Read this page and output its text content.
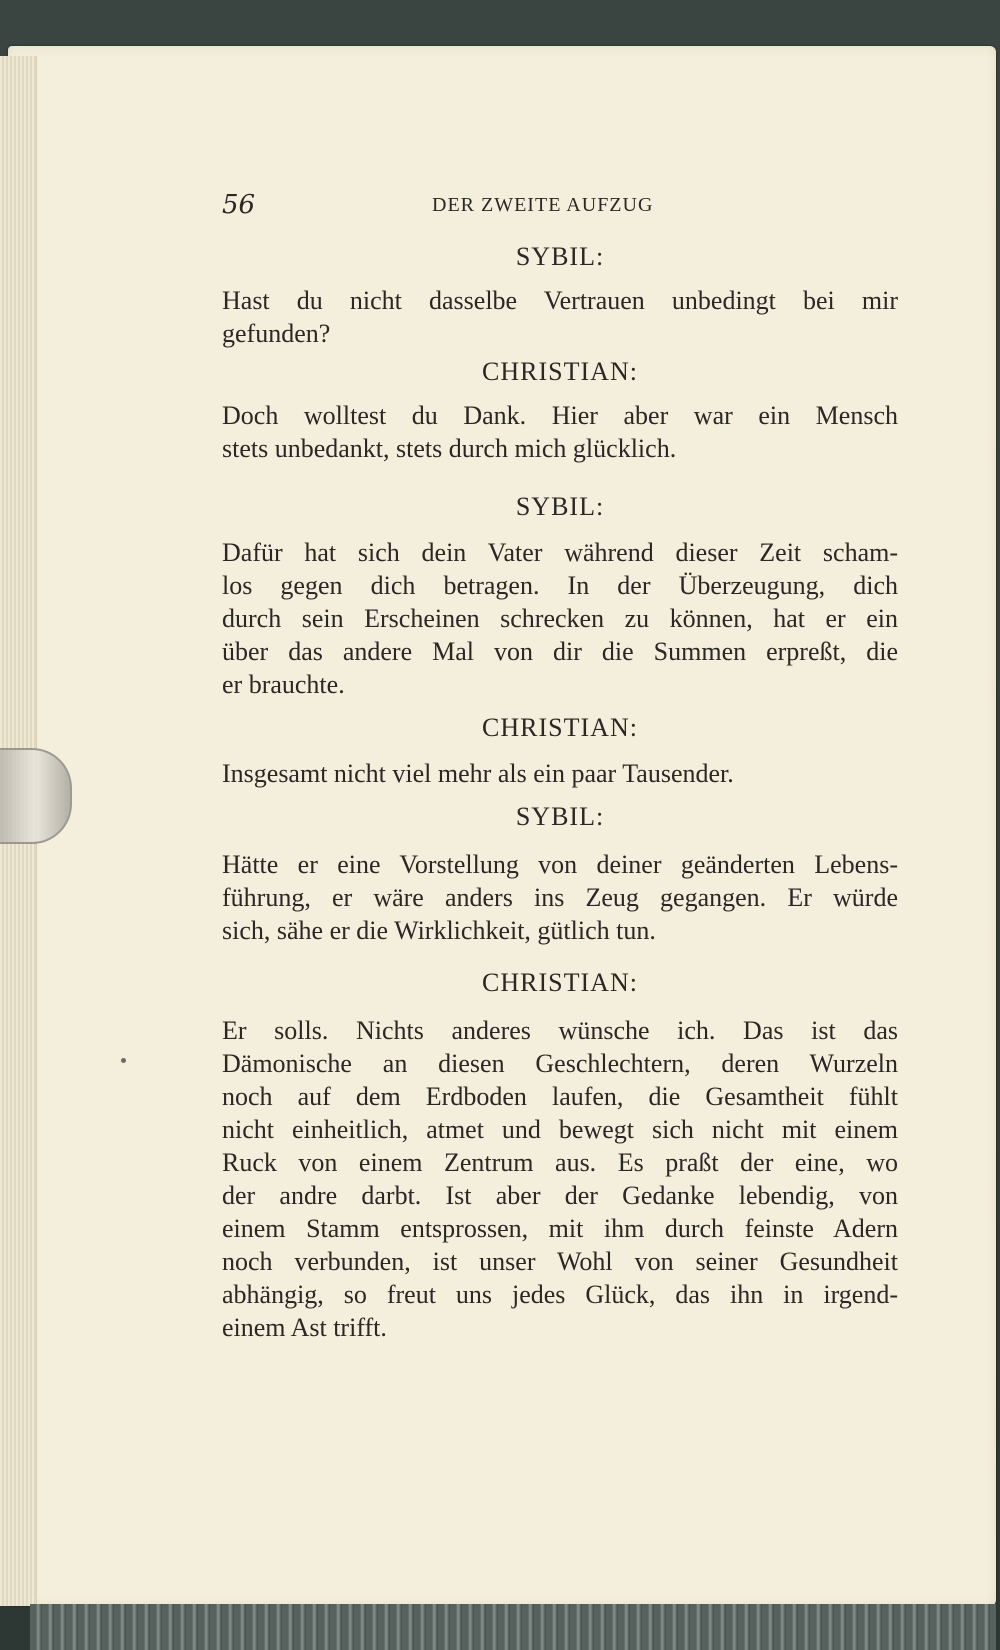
56	DER ZWEITE AUFZUG
SYBIL:
Hast du nicht dasselbe Vertrauen unbedingt bei mir
gefunden?
CHRISTIAN:
Doch wolltest du Dank. Hier aber war ein Mensch
stets unbedankt, stets durch mich glücklich.
SYBIL:
Dafür hat sich dein Vater während dieser Zeit scham-
los gegen dich betragen. In der Überzeugung, dich
durch sein Erscheinen schrecken zu können, hat er ein
über das andere Mal von dir die Summen erpreßt, die
er brauchte.
CHRISTIAN:
Insgesamt nicht viel mehr als ein paar Tausender.
SYBIL:
Hätte er eine Vorstellung von deiner geänderten Lebens-
führung, er wäre anders ins Zeug gegangen. Er würde
sich, sähe er die Wirklichkeit, gütlich tun.
CHRISTIAN:
Er solls. Nichts anderes wünsche ich. Das ist das
Dämonische an diesen Geschlechtern, deren Wurzeln
noch auf dem Erdboden laufen, die Gesamtheit fühlt
nicht einheitlich, atmet und bewegt sich nicht mit einem
Ruck von einem Zentrum aus. Es praßt der eine, wo
der andre darbt. Ist aber der Gedanke lebendig, von
einem Stamm entsprossen, mit ihm durch feinste Adern
noch verbunden, ist unser Wohl von seiner Gesundheit
abhängig, so freut uns jedes Glück, das ihn in irgend-
einem Ast trifft.
